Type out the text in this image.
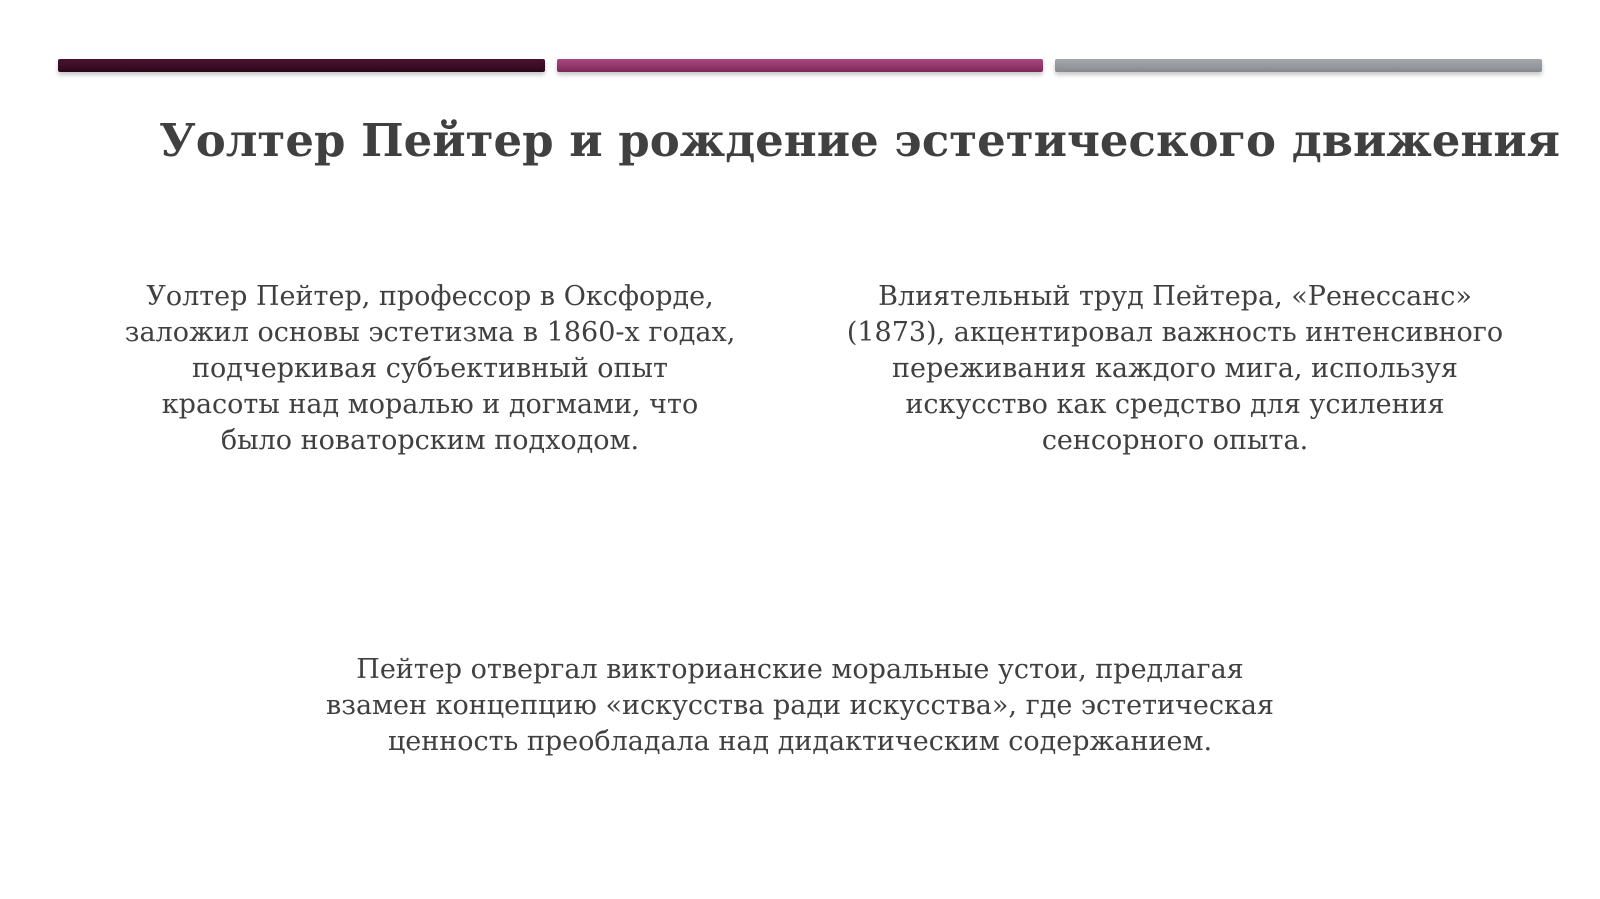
Уолтер Пейтер и рождение эстетического движения

Уолтер Пейтер, профессор в Оксфорде,
заложил основы эстетизма в 1860-х годах,
подчеркивая субъективный опыт
красоты над моралью и догмами, что
было новаторским подходом.

Влиятельный труд Пейтера, «Ренессанс»
(1873), акцентировал важность интенсивного
переживания каждого мига, используя
искусство как средство для усиления
сенсорного опыта.

Пейтер отвергал викторианские моральные устои, предлагая
взамен концепцию «искусства ради искусства», где эстетическая
ценность преобладала над дидактическим содержанием.
